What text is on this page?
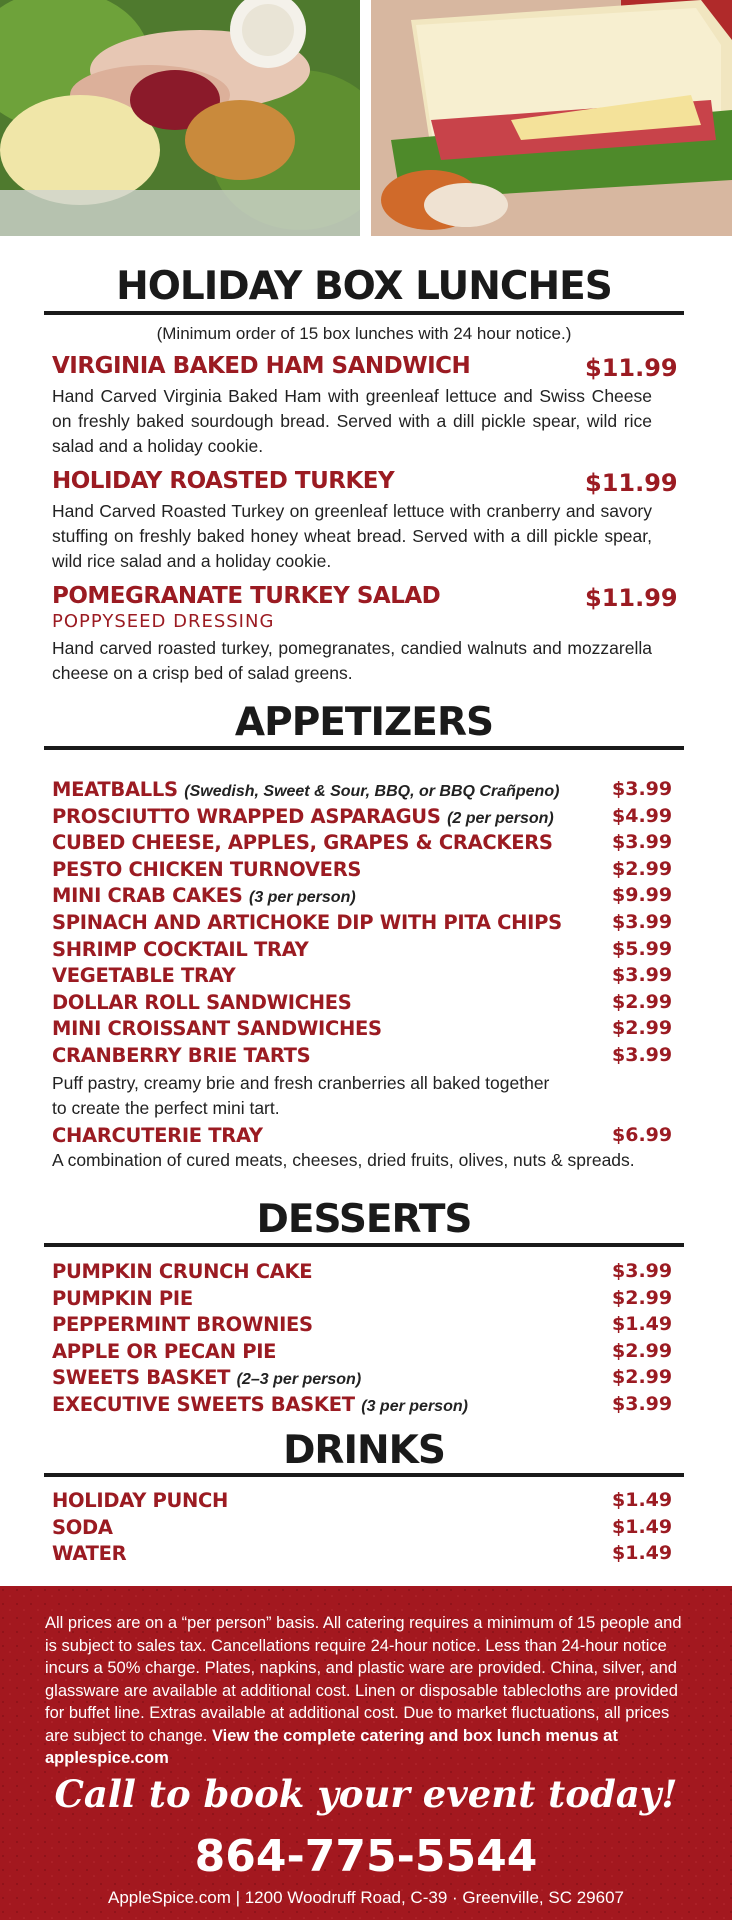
HOLIDAY BOX LUNCHES
(Minimum order of 15 box lunches with 24 hour notice.)
VIRGINIA BAKED HAM SANDWICH	$11.99
Hand Carved Virginia Baked Ham with greenleaf lettuce and Swiss Cheese on freshly baked sourdough bread. Served with a dill pickle spear, wild rice salad and a holiday cookie.
HOLIDAY ROASTED TURKEY	$11.99
Hand Carved Roasted Turkey on greenleaf lettuce with cranberry and savory stuffing on freshly baked honey wheat bread. Served with a dill pickle spear, wild rice salad and a holiday cookie.
POMEGRANATE TURKEY SALAD	$11.99
POPPYSEED DRESSING
Hand carved roasted turkey, pomegranates, candied walnuts and mozzarella cheese on a crisp bed of salad greens.
APPETIZERS
MEATBALLS (Swedish, Sweet & Sour, BBQ, or BBQ Crañpeno)	$3.99
PROSCIUTTO WRAPPED ASPARAGUS (2 per person)	$4.99
CUBED CHEESE, APPLES, GRAPES & CRACKERS	$3.99
PESTO CHICKEN TURNOVERS	$2.99
MINI CRAB CAKES (3 per person)	$9.99
SPINACH AND ARTICHOKE DIP WITH PITA CHIPS	$3.99
SHRIMP COCKTAIL TRAY	$5.99
VEGETABLE TRAY	$3.99
DOLLAR ROLL SANDWICHES	$2.99
MINI CROISSANT SANDWICHES	$2.99
CRANBERRY BRIE TARTS	$3.99
Puff pastry, creamy brie and fresh cranberries all baked together
to create the perfect mini tart.
CHARCUTERIE TRAY	$6.99
A combination of cured meats, cheeses, dried fruits, olives, nuts & spreads.
DESSERTS
PUMPKIN CRUNCH CAKE	$3.99
PUMPKIN PIE	$2.99
PEPPERMINT BROWNIES	$1.49
APPLE OR PECAN PIE	$2.99
SWEETS BASKET (2–3 per person)	$2.99
EXECUTIVE SWEETS BASKET (3 per person)	$3.99
DRINKS
HOLIDAY PUNCH	$1.49
SODA	$1.49
WATER	$1.49
All prices are on a “per person” basis. All catering requires a minimum of 15 people and is subject to sales tax. Cancellations require 24-hour notice. Less than 24-hour notice incurs a 50% charge. Plates, napkins, and plastic ware are provided. China, silver, and glassware are available at additional cost. Linen or disposable tablecloths are provided for buffet line. Extras available at additional cost. Due to market fluctuations, all prices are subject to change. View the complete catering and box lunch menus at applespice.com
Call to book your event today!
864-775-5544
AppleSpice.com | 1200 Woodruff Road, C-39 · Greenville, SC 29607
